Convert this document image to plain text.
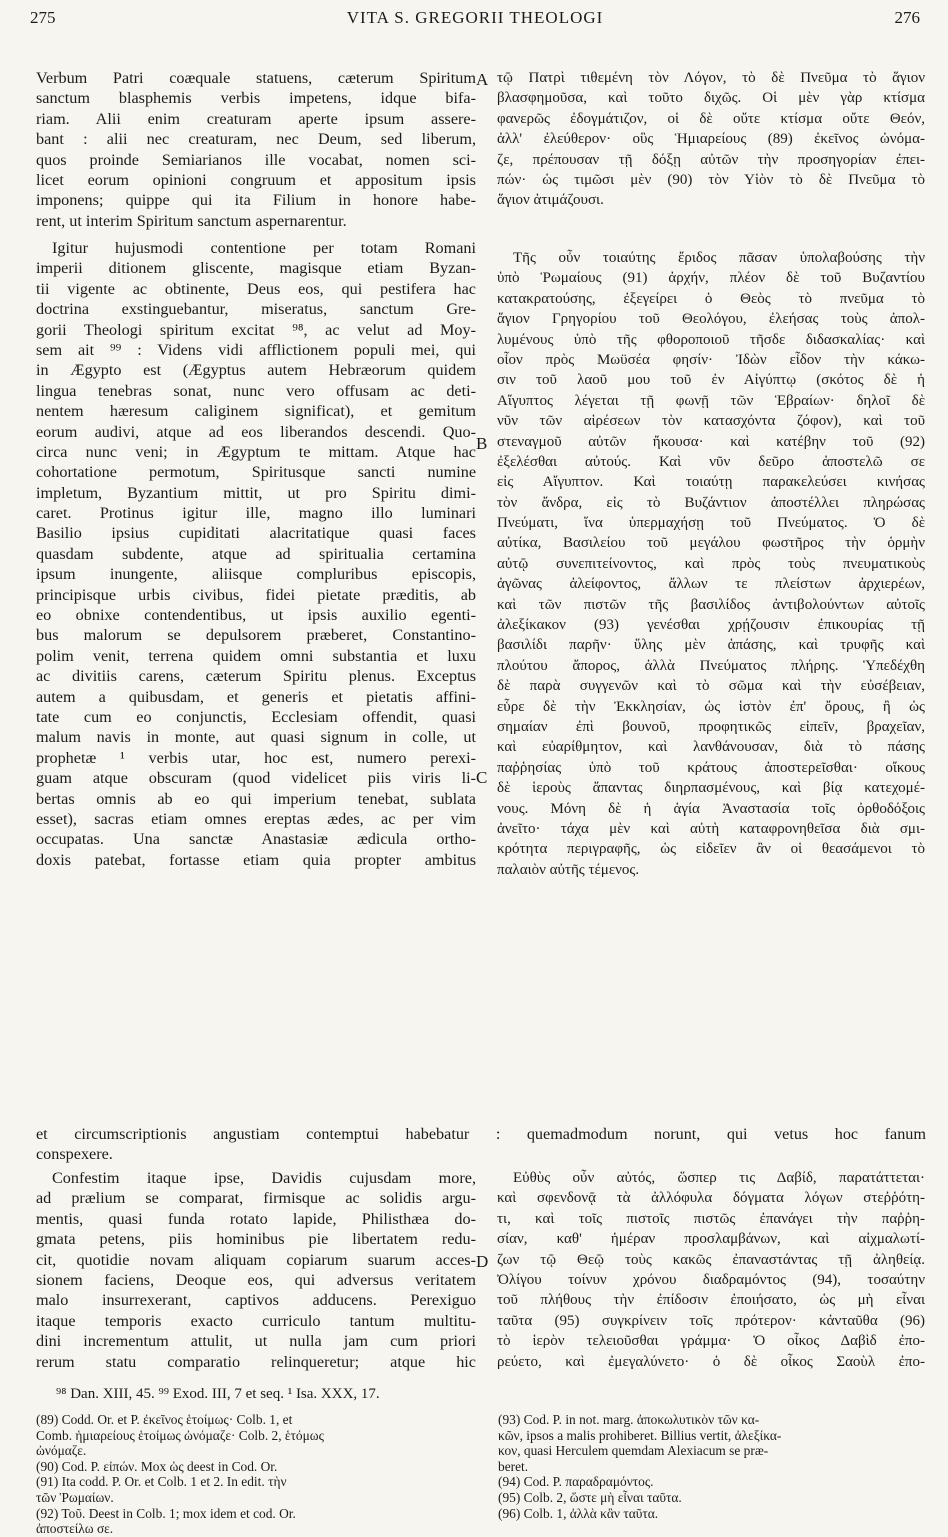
275	VITA S. GREGORII THEOLOGI	276
Verbum Patri coæquale statuens, cæterum Spiritum
sanctum blasphemis verbis impetens, idque bifa-
riam. Alii enim creaturam aperte ipsum assere-
bant : alii nec creaturam, nec Deum, sed liberum,
quos proinde Semiarianos ille vocabat, nomen sci-
licet eorum opinioni congruum et appositum ipsis
imponens; quippe qui ita Filium in honore habe-
rent, ut interim Spiritum sanctum aspernarentur.
Igitur hujusmodi contentione per totam Romani
imperii ditionem gliscente, magisque etiam Byzan-
tii vigente ac obtinente, Deus eos, qui pestifera hac
doctrina exstinguebantur, miseratus, sanctum Gre-
gorii Theologi spiritum excitat ⁹⁸, ac velut ad Moy-
sem ait ⁹⁹ : Videns vidi afflictionem populi mei, qui
in Ægypto est (Ægyptus autem Hebræorum quidem
lingua tenebras sonat, nunc vero offusam ac deti-
nentem hæresum caliginem significat), et gemitum
eorum audivi, atque ad eos liberandos descendi. Quo-
circa nunc veni; in Ægyptum te mittam. Atque hac
cohortatione permotum, Spiritusque sancti numine
impletum, Byzantium mittit, ut pro Spiritu dimi-
caret. Protinus igitur ille, magno illo luminari
Basilio ipsius cupiditati alacritatique quasi faces
quasdam subdente, atque ad spiritualia certamina
ipsum inungente, aliisque compluribus episcopis,
principisque urbis civibus, fidei pietate præditis, ab
eo obnixe contendentibus, ut ipsis auxilio egenti-
bus malorum se depulsorem præberet, Constantino-
polim venit, terrena quidem omni substantia et luxu
ac divitiis carens, cæterum Spiritu plenus. Exceptus
autem a quibusdam, et generis et pietatis affini-
tate cum eo conjunctis, Ecclesiam offendit, quasi
malum navis in monte, aut quasi signum in colle, ut
prophetæ ¹ verbis utar, hoc est, numero perexi-
guam atque obscuram (quod videlicet piis viris li-
bertas omnis ab eo qui imperium tenebat, sublata
esset), sacras etiam omnes ereptas ædes, ac per vim
occupatas. Una sanctæ Anastasiæ ædicula ortho-
doxis patebat, fortasse etiam quia propter ambitus
Confestim itaque ipse, Davidis cujusdam more,
ad prælium se comparat, firmisque ac solidis argu-
mentis, quasi funda rotato lapide, Philisthæa do-
gmata petens, piis hominibus pie libertatem redu-
cit, quotidie novam aliquam copiarum suarum acces-
sionem faciens, Deoque eos, qui adversus veritatem
malo insurrexerant, captivos adducens. Perexiguo
itaque temporis exacto curriculo tantum multitu-
dini incrementum attulit, ut nulla jam cum priori
rerum statu comparatio relinqueretur; atque hic
τῷ Πατρὶ τιθεμένη τὸν Λόγον, τὸ δὲ Πνεῦμα τὸ ἅγιον
βλασφημοῦσα, καὶ τοῦτο διχῶς. Οἱ μὲν γὰρ κτίσμα
φανερῶς ἐδογμάτιζον, οἱ δὲ οὔτε κτίσμα οὔτε Θεόν,
ἀλλ' ἐλεύθερον· οὓς Ἡμιαρείους (89) ἐκεῖνος ὠνόμα-
ζε, πρέπουσαν τῇ δόξῃ αὐτῶν τὴν προσηγορίαν ἐπει-
πών· ὡς τιμῶσι μὲν (90) τὸν Υἱὸν τὸ δὲ Πνεῦμα τὸ
ἅγιον ἀτιμάζουσι.
Τῆς οὖν τοιαύτης ἔριδος πᾶσαν ὑπολαβούσης τὴν
ὑπὸ Ῥωμαίους (91) ἀρχήν, πλέον δὲ τοῦ Βυζαντίου
κατακρατούσης, ἐξεγείρει ὁ Θεὸς τὸ πνεῦμα τὸ
ἅγιον Γρηγορίου τοῦ Θεολόγου, ἐλεήσας τοὺς ἀπολ-
λυμένους ὑπὸ τῆς φθοροποιοῦ τῆσδε διδασκαλίας· καὶ
οἷον πρὸς Μωϋσέα φησίν· Ἰδὼν εἶδον τὴν κάκω-
σιν τοῦ λαοῦ μου τοῦ ἐν Αἰγύπτῳ (σκότος δὲ ἡ
Αἴγυπτος λέγεται τῇ φωνῇ τῶν Ἑβραίων· δηλοῖ δὲ
νῦν τῶν αἱρέσεων τὸν κατασχόντα ζόφον), καὶ τοῦ
στεναγμοῦ αὐτῶν ἤκουσα· καὶ κατέβην τοῦ (92)
ἐξελέσθαι αὐτούς. Καὶ νῦν δεῦρο ἀποστελῶ σε
εἰς Αἴγυπτον. Καὶ τοιαύτῃ παρακελεύσει κινήσας
τὸν ἄνδρα, εἰς τὸ Βυζάντιον ἀποστέλλει πληρώσας
Πνεύματι, ἵνα ὑπερμαχήσῃ τοῦ Πνεύματος. Ὁ δὲ
αὐτίκα, Βασιλείου τοῦ μεγάλου φωστῆρος τὴν ὁρμὴν
αὐτῷ συνεπιτείνοντος, καὶ πρὸς τοὺς πνευματικοὺς
ἀγῶνας ἀλείφοντος, ἄλλων τε πλείστων ἀρχιερέων,
καὶ τῶν πιστῶν τῆς βασιλίδος ἀντιβολούντων αὐτοῖς
ἀλεξίκακον (93) γενέσθαι χρῄζουσιν ἐπικουρίας τῇ
βασιλίδι παρῆν· ὕλης μὲν ἁπάσης, καὶ τρυφῆς καὶ
πλούτου ἄπορος, ἀλλὰ Πνεύματος πλήρης. Ὑπεδέχθη
δὲ παρὰ συγγενῶν καὶ τὸ σῶμα καὶ τὴν εὐσέβειαν,
εὗρε δὲ τὴν Ἐκκλησίαν, ὡς ἱστὸν ἐπ' ὄρους, ἢ ὡς
σημαίαν ἐπὶ βουνοῦ, προφητικῶς εἰπεῖν, βραχεῖαν,
καὶ εὐαρίθμητον, καὶ λανθάνουσαν, διὰ τὸ πάσης
παῤῥησίας ὑπὸ τοῦ κράτους ἀποστερεῖσθαι· οἴκους
δὲ ἱεροὺς ἅπαντας διηρπασμένους, καὶ βίᾳ κατεχομέ-
νους. Μόνη δὲ ἡ ἁγία Ἀναστασία τοῖς ὀρθοδόξοις
ἀνεῖτο· τάχα μὲν καὶ αὐτὴ καταφρονηθεῖσα διὰ σμι-
κρότητα περιγραφῆς, ὡς εἰδεῖεν ἂν οἱ θεασάμενοι τὸ
παλαιὸν αὐτῆς τέμενος.
Εὐθὺς οὖν αὐτός, ὥσπερ τις Δαβίδ, παρατάττεται·
καὶ σφενδονᾷ τὰ ἀλλόφυλα δόγματα λόγων στεῤῥότη-
τι, καὶ τοῖς πιστοῖς πιστῶς ἐπανάγει τὴν παῤῥη-
σίαν, καθ' ἡμέραν προσλαμβάνων, καὶ αἰχμαλωτί-
ζων τῷ Θεῷ τοὺς κακῶς ἐπαναστάντας τῇ ἀληθείᾳ.
Ὀλίγου τοίνυν χρόνου διαδραμόντος (94), τοσαύτην
τοῦ πλήθους τὴν ἐπίδοσιν ἐποιήσατο, ὡς μὴ εἶναι
ταῦτα (95) συγκρίνειν τοῖς πρότερον· κἀνταῦθα (96)
τὸ ἱερὸν τελειοῦσθαι γράμμα· Ὁ οἶκος Δαβὶδ ἐπο-
ρεύετο, καὶ ἐμεγαλύνετο· ὁ δὲ οἶκος Σαοὺλ ἐπο-
et circumscriptionis angustiam contemptui habebatur : quemadmodum norunt, qui vetus hoc fanum
conspexere.
A
B
C
D
⁹⁸ Dan. XIII, 45. ⁹⁹ Exod. III, 7 et seq. ¹ Isa. XXX, 17.
(89) Codd. Or. et P. ἐκεῖνος ἑτοίμως· Colb. 1, et
Comb. ἡμιαρείους ἑτοίμως ὠνόμαζε· Colb. 2, ἑτόμως
ὠνόμαζε.
(90) Cod. P. εἰπών. Mox ὡς deest in Cod. Or.
(91) Ita codd. P. Or. et Colb. 1 et 2. In edit. τὴν
τῶν Ῥωμαίων.
(92) Τοῦ. Deest in Colb. 1; mox idem et cod. Or.
ἀποστείλω σε.
(93) Cod. P. in not. marg. ἀποκωλυτικὸν τῶν κα-
κῶν, ipsos a malis prohiberet. Billius vertit, ἀλεξίκα-
κον, quasi Herculem quemdam Alexiacum se præ-
beret.
(94) Cod. P. παραδραμόντος.
(95) Colb. 2, ὥστε μὴ εἶναι ταῦτα.
(96) Colb. 1, ἀλλὰ κἂν ταῦτα.
